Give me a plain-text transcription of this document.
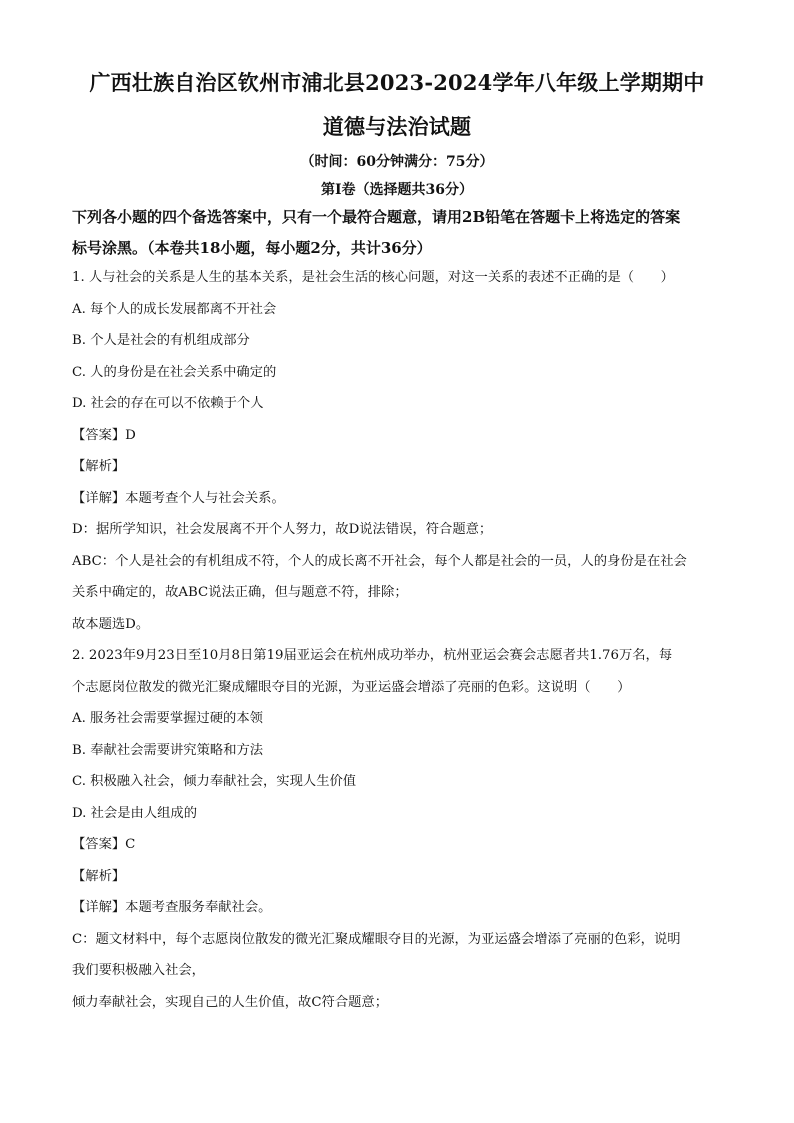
广西壮族自治区钦州市浦北县2023-2024学年八年级上学期期中
道德与法治试题
（时间：60分钟满分：75分）
第Ⅰ卷（选择题共36分）
下列各小题的四个备选答案中，只有一个最符合题意，请用2B铅笔在答题卡上将选定的答案
标号涂黑。（本卷共18小题，每小题2分，共计36分）
1. 人与社会的关系是人生的基本关系，是社会生活的核心问题，对这一关系的表述不正确的是（　　）
A. 每个人的成长发展都离不开社会
B. 个人是社会的有机组成部分
C. 人的身份是在社会关系中确定的
D. 社会的存在可以不依赖于个人
【答案】D
【解析】
【详解】本题考查个人与社会关系。
D：据所学知识，社会发展离不开个人努力，故D说法错误，符合题意；
ABC：个人是社会的有机组成不符，个人的成长离不开社会，每个人都是社会的一员，人的身份是在社会
关系中确定的，故ABC说法正确，但与题意不符，排除；
故本题选D。
2. 2023年9月23日至10月8日第19届亚运会在杭州成功举办，杭州亚运会赛会志愿者共1.76万名，每
个志愿岗位散发的微光汇聚成耀眼夺目的光源，为亚运盛会增添了亮丽的色彩。这说明（　　）
A. 服务社会需要掌握过硬的本领
B. 奉献社会需要讲究策略和方法
C. 积极融入社会，倾力奉献社会，实现人生价值
D. 社会是由人组成的
【答案】C
【解析】
【详解】本题考查服务奉献社会。
C：题文材料中，每个志愿岗位散发的微光汇聚成耀眼夺目的光源，为亚运盛会增添了亮丽的色彩，说明
我们要积极融入社会，
倾力奉献社会，实现自己的人生价值，故C符合题意；
